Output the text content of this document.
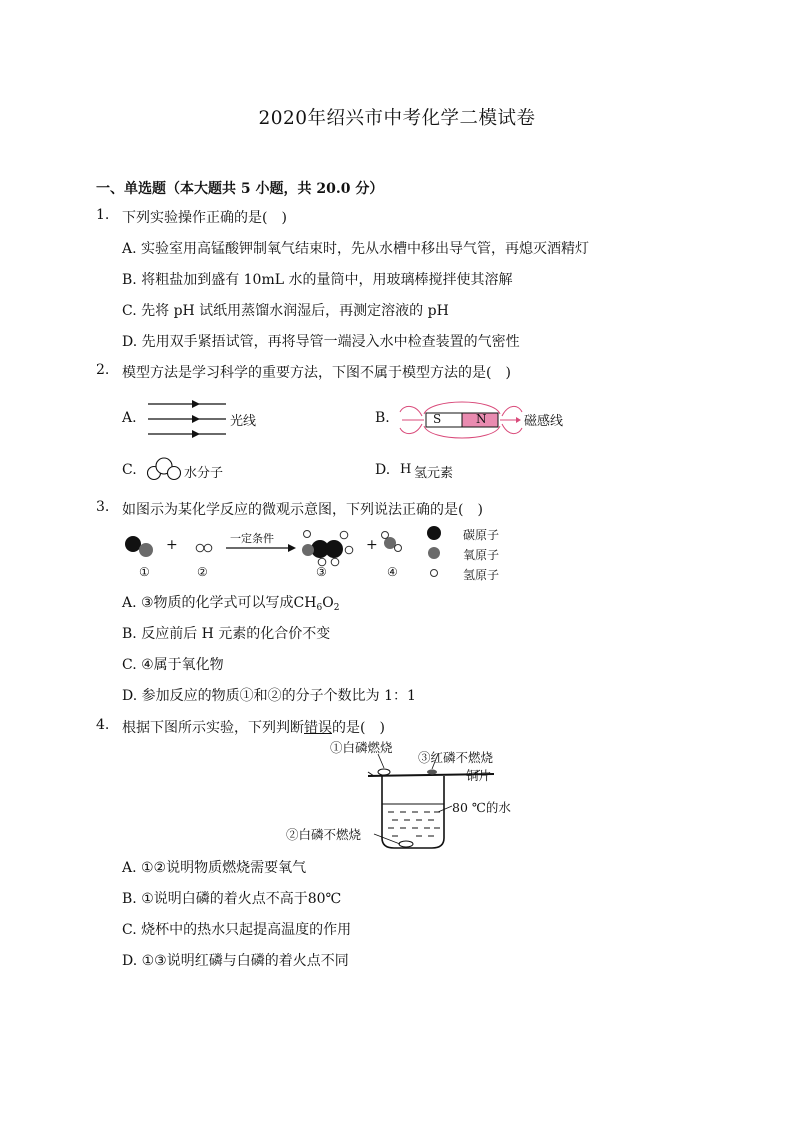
2020年绍兴市中考化学二模试卷
一、单选题（本大题共 5 小题，共 20.0 分）
1. 下列实验操作正确的是(　)
A. 实验室用高锰酸钾制氧气结束时，先从水槽中移出导气管，再熄灭酒精灯
B. 将粗盐加到盛有 10mL 水的量筒中，用玻璃棒搅拌使其溶解
C. 先将 pH 试纸用蒸馏水润湿后，再测定溶液的 pH
D. 先用双手紧捂试管，再将导管一端浸入水中检查装置的气密性
2. 模型方法是学习科学的重要方法，下图不属于模型方法的是(　)
A.	光线	B.	S	N	磁感线
C.	水分子	D. H 氢元素
3. 如图示为某化学反应的微观示意图，下列说法正确的是(　)
+	+
一定条件
①	②	③	④
碳原子
氧原子
氢原子
A. ③物质的化学式可以写成$CH_6O_2$
B. 反应前后 H 元素的化合价不变
C. ④属于氧化物
D. 参加反应的物质①和②的分子个数比为 1：1
4. 根据下图所示实验，下列判断错误的是(　)
①白磷燃烧
③红磷不燃烧
铜片
80 ℃的水
②白磷不燃烧
A. ①②说明物质燃烧需要氧气
B. ①说明白磷的着火点不高于80℃
C. 烧杯中的热水只起提高温度的作用
D. ①③说明红磷与白磷的着火点不同
